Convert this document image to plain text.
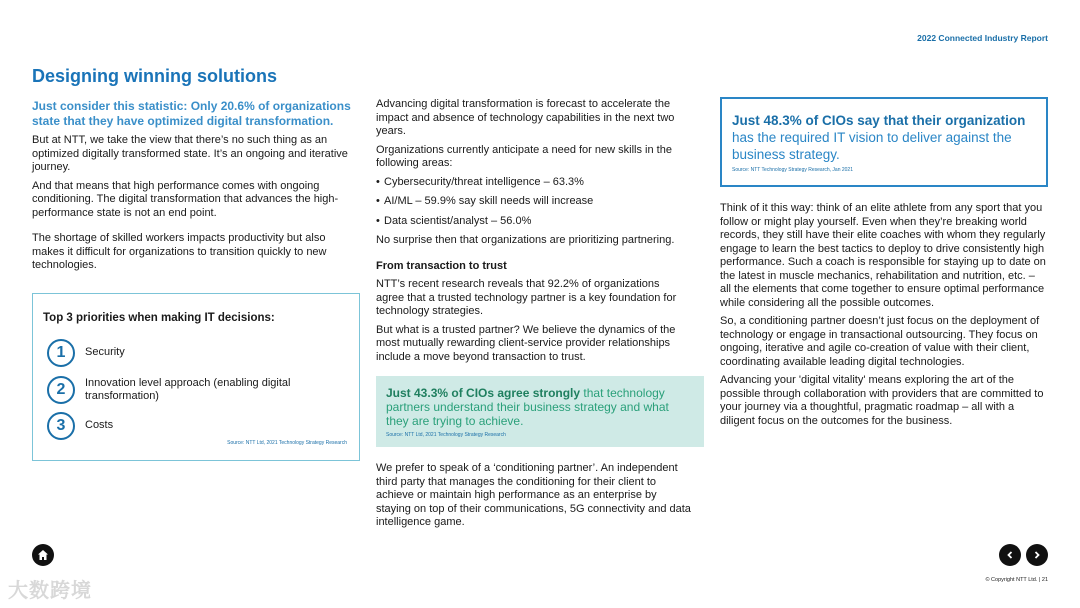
2022 Connected Industry Report
Designing winning solutions

Just consider this statistic: Only 20.6% of organizations state that they have optimized digital transformation.

But at NTT, we take the view that there’s no such thing as an optimized digitally transformed state. It’s an ongoing and iterative journey.

And that means that high performance comes with ongoing conditioning. The digital transformation that advances the high-performance state is not an end point.

The shortage of skilled workers impacts productivity but also makes it difficult for organizations to transition quickly to new technologies.

Top 3 priorities when making IT decisions:
1	Security
2	Innovation level approach (enabling digital transformation)
3	Costs
Source: NTT Ltd, 2021 Technology Strategy Research

Advancing digital transformation is forecast to accelerate the impact and absence of technology capabilities in the next two years.

Organizations currently anticipate a need for new skills in the following areas:

• Cybersecurity/threat intelligence – 63.3%
• AI/ML – 59.9% say skill needs will increase
• Data scientist/analyst – 56.0%

No surprise then that organizations are prioritizing partnering.

From transaction to trust

NTT’s recent research reveals that 92.2% of organizations agree that a trusted technology partner is a key foundation for technology strategies.

But what is a trusted partner? We believe the dynamics of the most mutually rewarding client-service provider relationships include a move beyond transaction to trust.

Just 43.3% of CIOs agree strongly that technology partners understand their business strategy and what they are trying to achieve.
Source: NTT Ltd, 2021 Technology Strategy Research

We prefer to speak of a ‘conditioning partner’. An independent third party that manages the conditioning for their client to achieve or maintain high performance as an enterprise by staying on top of their communications, 5G connectivity and data intelligence game.

Just 48.3% of CIOs say that their organization has the required IT vision to deliver against the business strategy.
Source: NTT Technology Strategy Research, Jan 2021

Think of it this way: think of an elite athlete from any sport that you follow or might play yourself. Even when they’re breaking world records, they still have their elite coaches with whom they regularly engage to learn the best tactics to deploy to drive consistently high performance. Such a coach is responsible for staying up to date on the latest in muscle mechanics, rehabilitation and nutrition, etc. – all the elements that come together to ensure optimal performance while considering all the possible outcomes.

So, a conditioning partner doesn’t just focus on the deployment of technology or engage in transactional outsourcing. They focus on ongoing, iterative and agile co-creation of value with their client, coordinating available leading digital technologies.

Advancing your 'digital vitality' means exploring the art of the possible through collaboration with providers that are committed to your journey via a thoughtful, pragmatic roadmap – all with a diligent focus on the outcomes for the business.

© Copyright NTT Ltd. | 21
大数跨境
